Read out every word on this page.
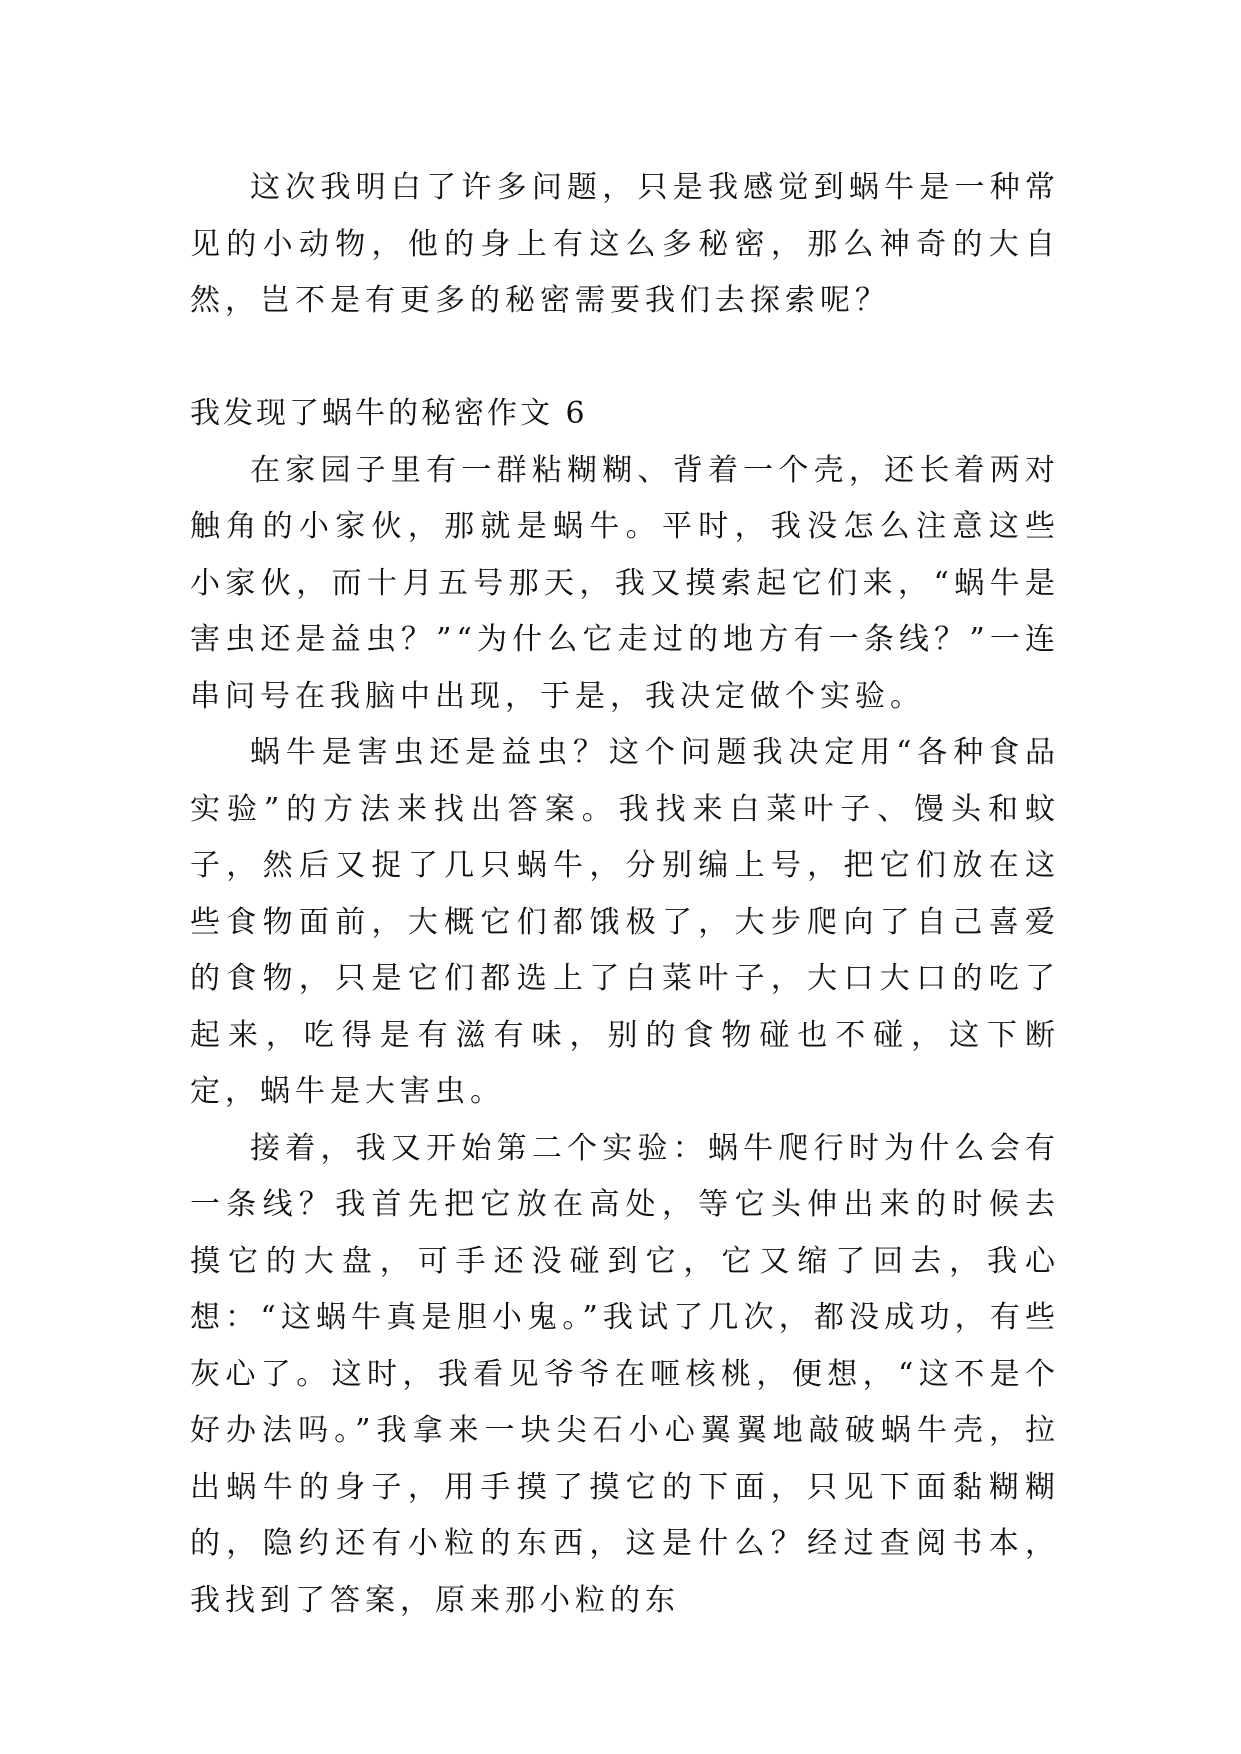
这次我明白了许多问题，只是我感觉到蜗牛是一种常见的小动物，他的身上有这么多秘密，那么神奇的大自然，岂不是有更多的秘密需要我们去探索呢？

我发现了蜗牛的秘密作文 6

在家园子里有一群粘糊糊、背着一个壳，还长着两对触角的小家伙，那就是蜗牛。平时，我没怎么注意这些小家伙，而十月五号那天，我又摸索起它们来，“蜗牛是害虫还是益虫？”“为什么它走过的地方有一条线？”一连串问号在我脑中出现，于是，我决定做个实验。

蜗牛是害虫还是益虫？这个问题我决定用“各种食品实验”的方法来找出答案。我找来白菜叶子、馒头和蚊子，然后又捉了几只蜗牛，分别编上号，把它们放在这些食物面前，大概它们都饿极了，大步爬向了自己喜爱的食物，只是它们都选上了白菜叶子，大口大口的吃了起来，吃得是有滋有味，别的食物碰也不碰，这下断定，蜗牛是大害虫。

接着，我又开始第二个实验：蜗牛爬行时为什么会有一条线？我首先把它放在高处，等它头伸出来的时候去摸它的大盘，可手还没碰到它，它又缩了回去，我心想：“这蜗牛真是胆小鬼。”我试了几次，都没成功，有些灰心了。这时，我看见爷爷在咂核桃，便想，“这不是个好办法吗。”我拿来一块尖石小心翼翼地敲破蜗牛壳，拉出蜗牛的身子，用手摸了摸它的下面，只见下面黏糊糊的，隐约还有小粒的东西，这是什么？经过查阅书本，我找到了答案，原来那小粒的东
